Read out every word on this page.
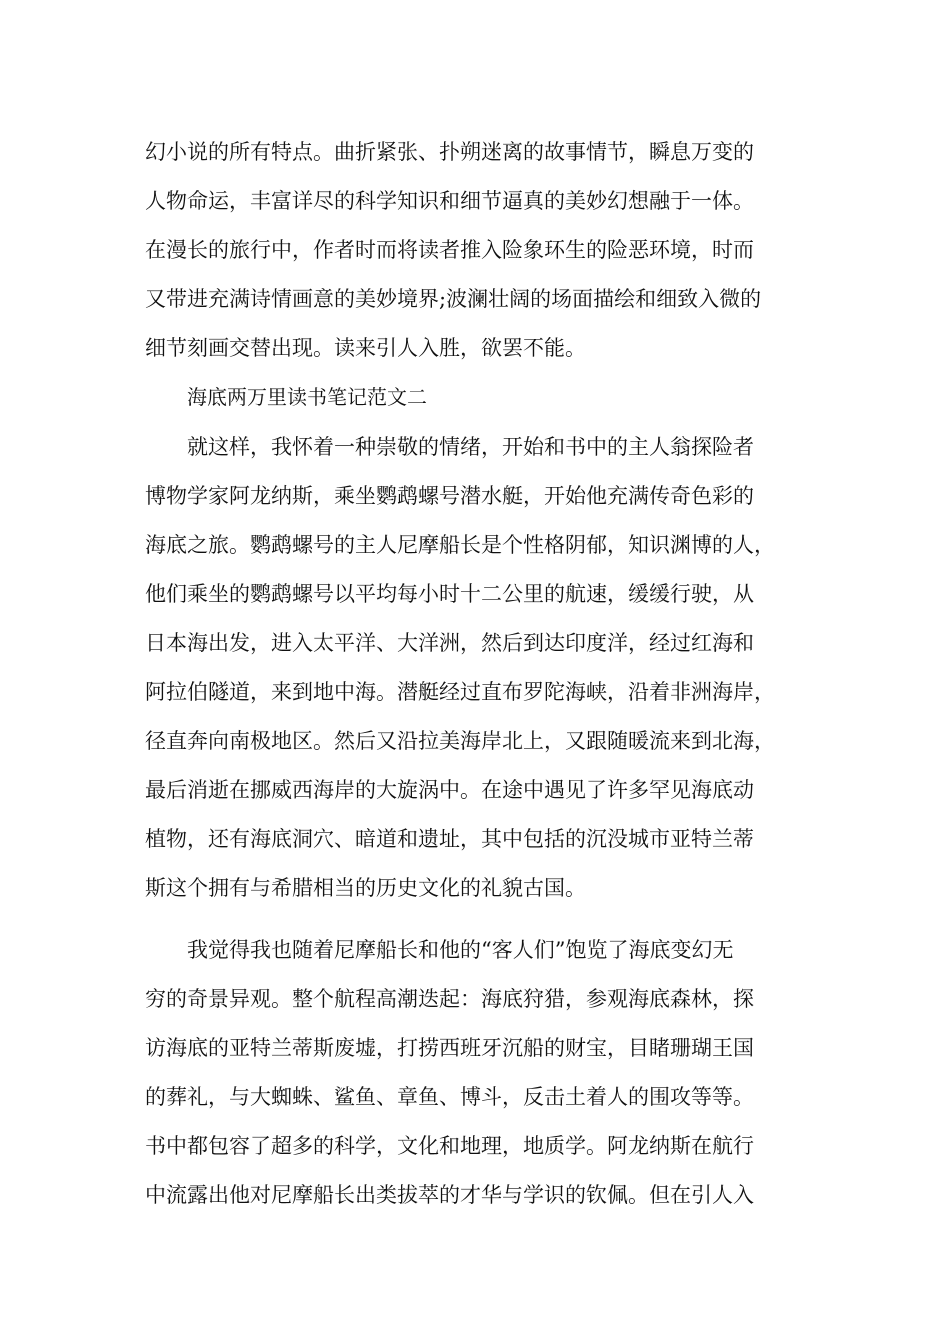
幻小说的所有特点。曲折紧张、扑朔迷离的故事情节，瞬息万变的
人物命运，丰富详尽的科学知识和细节逼真的美妙幻想融于一体。
在漫长的旅行中，作者时而将读者推入险象环生的险恶环境，时而
又带进充满诗情画意的美妙境界;波澜壮阔的场面描绘和细致入微的
细节刻画交替出现。读来引人入胜，欲罢不能。
海底两万里读书笔记范文二
就这样，我怀着一种崇敬的情绪，开始和书中的主人翁探险者
博物学家阿龙纳斯，乘坐鹦鹉螺号潜水艇，开始他充满传奇色彩的
海底之旅。鹦鹉螺号的主人尼摩船长是个性格阴郁，知识渊博的人，
他们乘坐的鹦鹉螺号以平均每小时十二公里的航速，缓缓行驶，从
日本海出发，进入太平洋、大洋洲，然后到达印度洋，经过红海和
阿拉伯隧道，来到地中海。潜艇经过直布罗陀海峡，沿着非洲海岸，
径直奔向南极地区。然后又沿拉美海岸北上，又跟随暖流来到北海，
最后消逝在挪威西海岸的大旋涡中。在途中遇见了许多罕见海底动
植物，还有海底洞穴、暗道和遗址，其中包括的沉没城市亚特兰蒂
斯这个拥有与希腊相当的历史文化的礼貌古国。
我觉得我也随着尼摩船长和他的“客人们”饱览了海底变幻无
穷的奇景异观。整个航程高潮迭起：海底狩猎，参观海底森林，探
访海底的亚特兰蒂斯废墟，打捞西班牙沉船的财宝，目睹珊瑚王国
的葬礼，与大蜘蛛、鲨鱼、章鱼、博斗，反击土着人的围攻等等。
书中都包容了超多的科学，文化和地理，地质学。阿龙纳斯在航行
中流露出他对尼摩船长出类拔萃的才华与学识的钦佩。但在引人入
